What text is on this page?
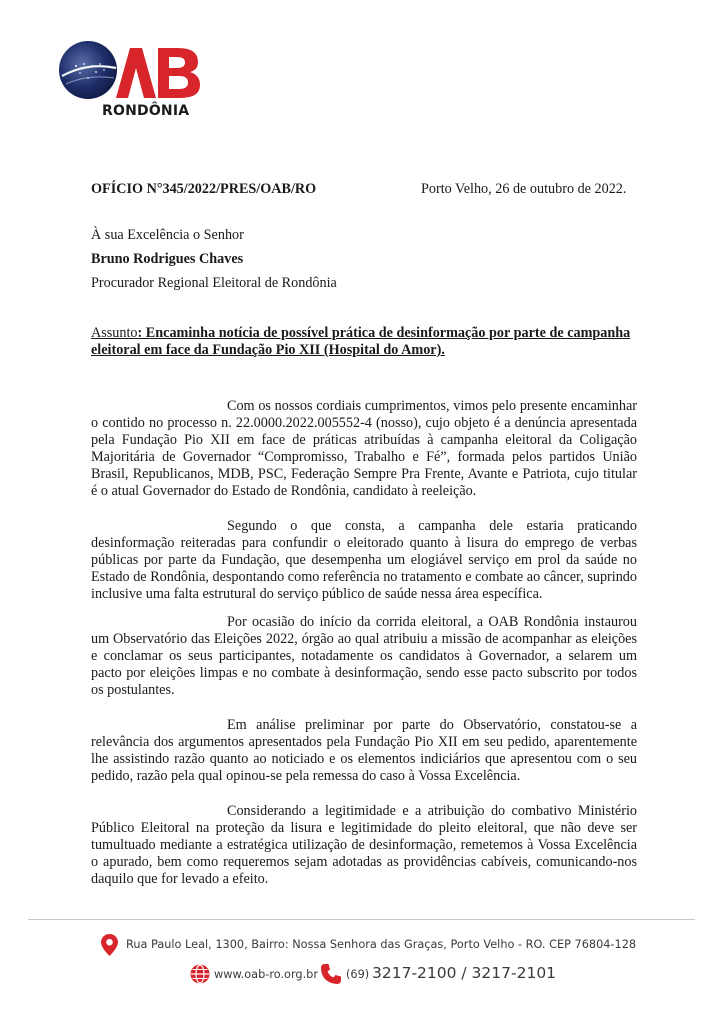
RONDÔNIA
OFÍCIO N°345/2022/PRES/OAB/RO	Porto Velho, 26 de outubro de 2022.
À sua Excelência o Senhor
Bruno Rodrigues Chaves
Procurador Regional Eleitoral de Rondônia
Assunto: Encaminha notícia de possível prática de desinformação por parte de campanha eleitoral em face da Fundação Pio XII (Hospital do Amor).

Com os nossos cordiais cumprimentos, vimos pelo presente encaminhar o contido no processo n. 22.0000.2022.005552-4 (nosso), cujo objeto é a denúncia apresentada pela Fundação Pio XII em face de práticas atribuídas à campanha eleitoral da Coligação Majoritária de Governador “Compromisso, Trabalho e Fé”, formada pelos partidos União Brasil, Republicanos, MDB, PSC, Federação Sempre Pra Frente, Avante e Patriota, cujo titular é o atual Governador do Estado de Rondônia, candidato à reeleição.

Segundo o que consta, a campanha dele estaria praticando desinformação reiteradas para confundir o eleitorado quanto à lisura do emprego de verbas públicas por parte da Fundação, que desempenha um elogiável serviço em prol da saúde no Estado de Rondônia, despontando como referência no tratamento e combate ao câncer, suprindo inclusive uma falta estrutural do serviço público de saúde nessa área específica.

Por ocasião do início da corrida eleitoral, a OAB Rondônia instaurou um Observatório das Eleições 2022, órgão ao qual atribuiu a missão de acompanhar as eleições e conclamar os seus participantes, notadamente os candidatos à Governador, a selarem um pacto por eleições limpas e no combate à desinformação, sendo esse pacto subscrito por todos os postulantes.

Em análise preliminar por parte do Observatório, constatou-se a relevância dos argumentos apresentados pela Fundação Pio XII em seu pedido, aparentemente lhe assistindo razão quanto ao noticiado e os elementos indiciários que apresentou com o seu pedido, razão pela qual opinou-se pela remessa do caso à Vossa Excelência.

Considerando a legitimidade e a atribuição do combativo Ministério Público Eleitoral na proteção da lisura e legitimidade do pleito eleitoral, que não deve ser tumultuado mediante a estratégica utilização de desinformação, remetemos à Vossa Excelência o apurado, bem como requeremos sejam adotadas as providências cabíveis, comunicando-nos daquilo que for levado a efeito.

Rua Paulo Leal, 1300, Bairro: Nossa Senhora das Graças, Porto Velho - RO. CEP 76804-128
www.oab-ro.org.br (69) 3217-2100 / 3217-2101
